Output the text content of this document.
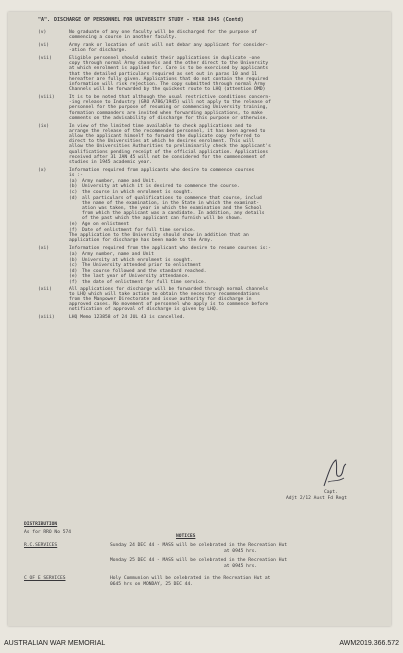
"A". DISCHARGE OF PERSONNEL FOR UNIVERSITY STUDY - YEAR 1945 (Contd)
(v)	No graduate of any one faculty will be discharged for the purpose of
commencing a course in another faculty.
(vi)	Army rank or location of unit will not debar any applicant for consider-
-ation for discharge.
(vii)	Eligible personnel should submit their applications in duplicate -one
copy through normal Army channels and the other direct to the University
at which enrolment is applied for. Care is to be exercised by applicants
that the detailed particulars required as set out in paras 10 and 11
hereafter are fully given. Applications that do not contain the required
information will risk rejection. The copy submitted through normal Army
Channels will be forwarded by the quickest route to LHQ (attention DMD)
(viii)	It is to be noted that although the usual restrictive conditions concern-
-ing release to Industry (GRO A786/1945) will not apply to the release of
personnel for the purpose of resuming or commencing University training,
formation commanders are invited when forwarding applications, to make
comments on the advisability of discharge for this purpose or otherwise.
(ix)	In view of the limited time available to check applications and to
arrange the release of the recommended personnel, it has been agreed to
allow the applicant himself to forward the duplicate copy referred to
direct to the Universities at which he desires enrolment. This will
allow the Universities Authorities to preliminarily check the applicant's
qualifications pending receipt of the official application. Applications
received after 31 JAN 45 will not be considered for the commencement of
studies in 1945 academic year.
(x)	Information required from applicants who desire to commence courses
is :-
(a) Army number, name and Unit.
(b) University at which it is desired to commence the course.
(c) the course in which enrolment is sought.
(d) all particulars of qualifications to commence that course, includ
the name of the examination, in the State in which the examinat-
ation was taken, the year in which the examination and the School
from which the applicant was a candidate. In addition, any details
of the past which the applicant can furnish will be shown.
(e) Age on enlistment
(f) Date of enlistment for full time service.
The application to the University should show in addition that an
application for discharge has been made to the Army.
(xi)	Information required from the applicant who desire to resume courses is:-
(a) Army number, name and Unit
(b) University at which enrolment is sought.
(c) The University attended prior to enlistment
(d) The course followed and the standard reached.
(e) the last year of University attendance.
(f) the date of enlistment for full time service.
(xii)	All applications for discharge will be forwarded through normal channels
to LHQ which will take action to obtain the necessary recommendations
from the Manpower Directorate and issue authority for discharge in
approved cases. No movement of personnel who apply is to commence before
notification of approval of discharge is given by LHQ.
(xiii)	LHQ Memo 123858 of 24 JUL 43 is cancelled.
Capt.
Adjt 2/12 Aust Fd Regt
DISTRIBUTION
As for RRO No 574
NOTICES
R.C.SERVICES	Sunday 24 DEC 44 - MASS will be celebrated in the Recreation Hut
at 0945 hrs.
Monday 25 DEC 44 - MASS will be celebrated in the Recreation Hut
at 0945 hrs.
C OF E SERVICES	Holy Communion will be celebrated in the Recreation Hut at
0645 hrs on MONDAY, 25 DEC 44.
AUSTRALIAN WAR MEMORIAL	AWM2019.366.572
